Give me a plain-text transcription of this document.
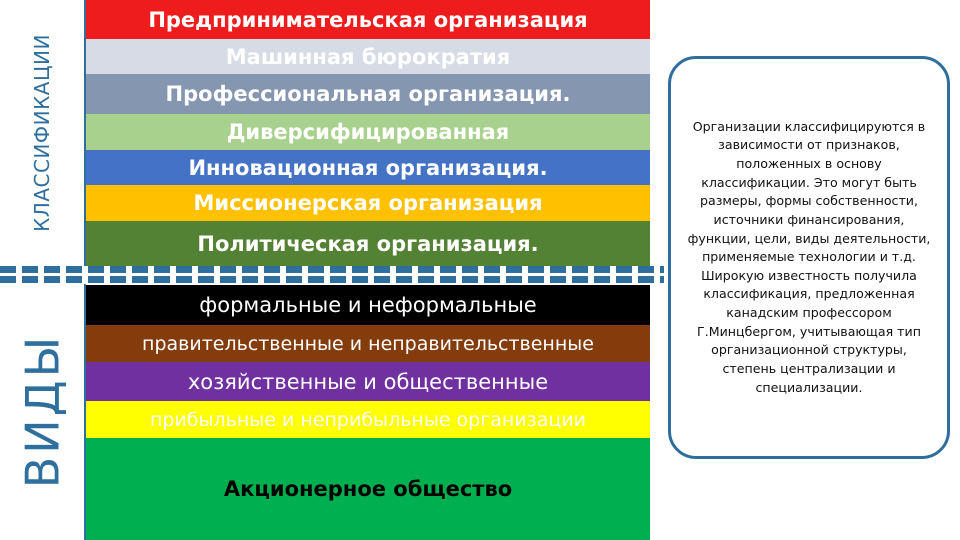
КЛАССИФИКАЦИИ
ВИДЫ
Предпринимательская организация
Машинная бюрократия
Профессиональная организация.
Диверсифицированная
Инновационная организация.
Миссионерская организация
Политическая организация.
формальные и неформальные
правительственные и неправительственные
хозяйственные и общественные
прибыльные и неприбыльные организации
Акционерное общество
Организации классифицируются в зависимости от признаков, положенных в основу классификации. Это могут быть размеры, формы собственности, источники финансирования, функции, цели, виды деятельности, применяемые технологии и т.д. Широкую известность получила классификация, предложенная канадским профессором Г.Минцбергом, учитывающая тип организационной структуры, степень централизации и специализации.
